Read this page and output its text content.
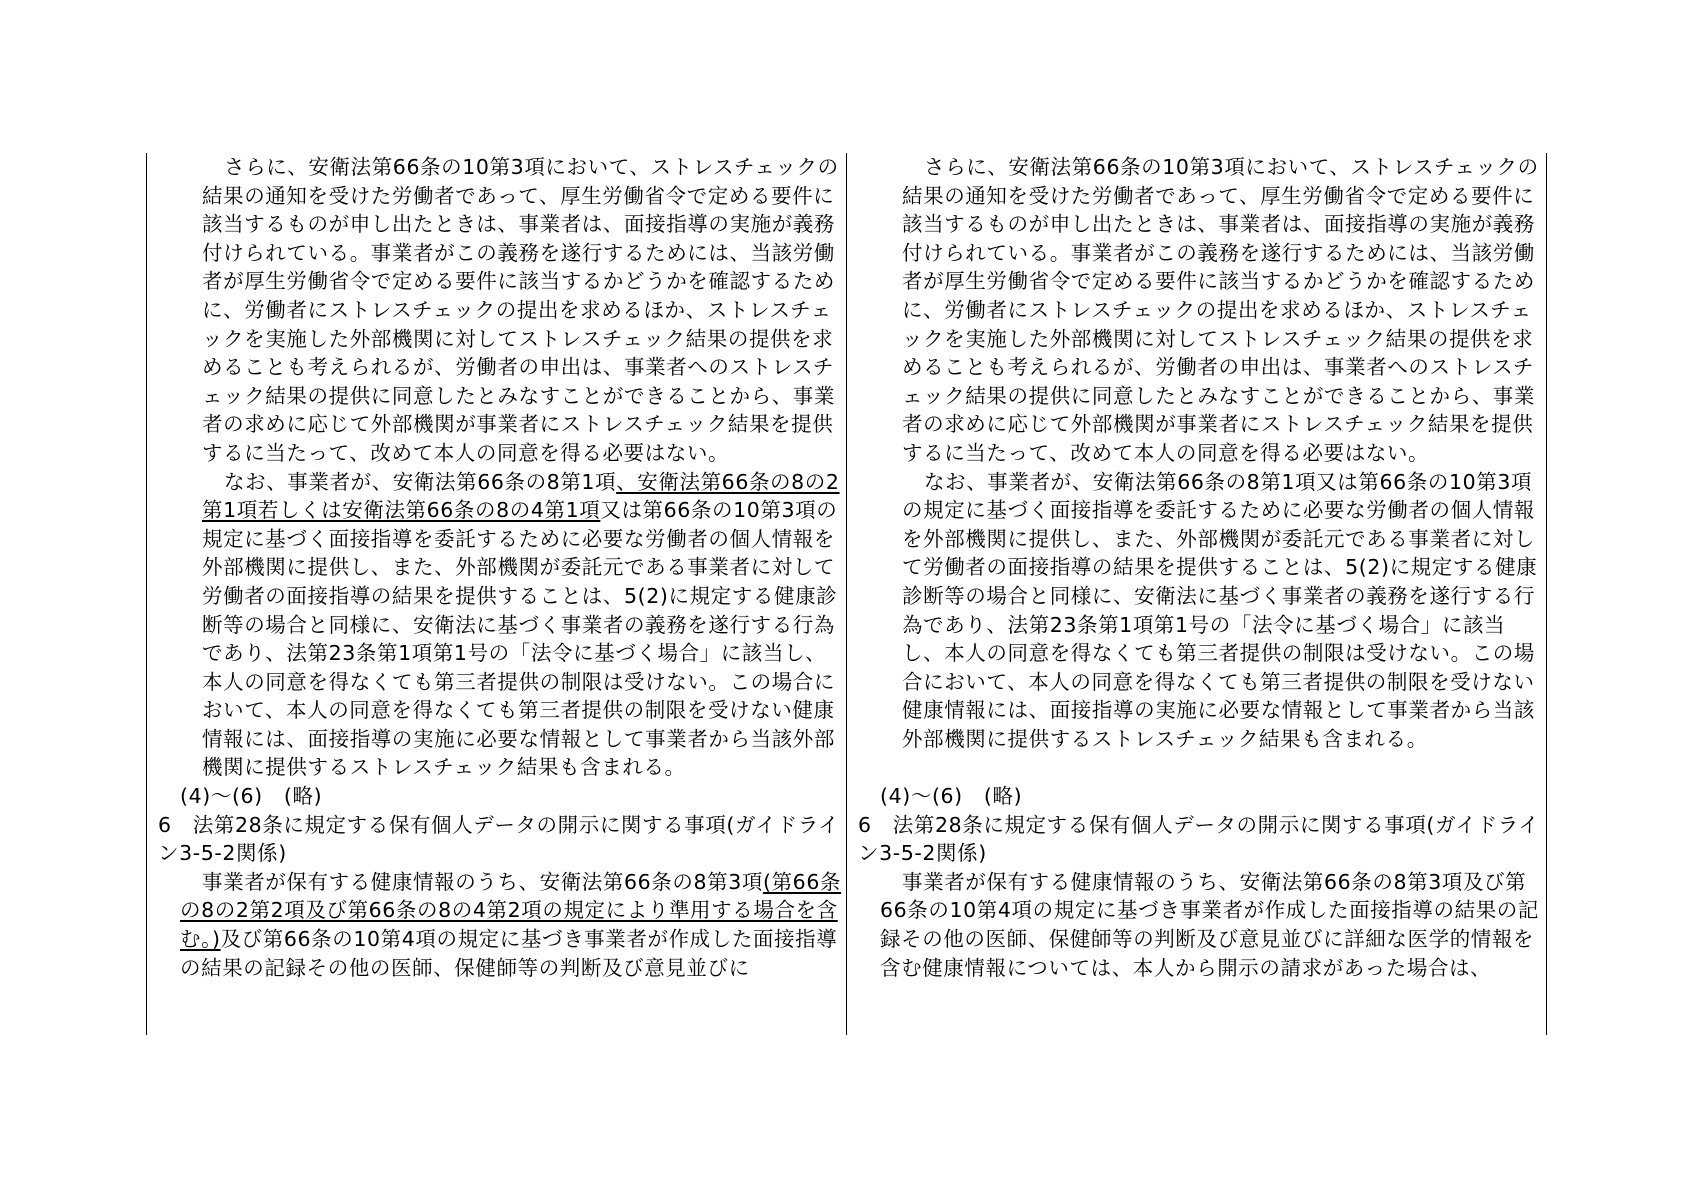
さらに、安衛法第66条の10第3項において、ストレスチェックの結果の通知を受けた労働者であって、厚生労働省令で定める要件に該当するものが申し出たときは、事業者は、面接指導の実施が義務付けられている。事業者がこの義務を遂行するためには、当該労働者が厚生労働省令で定める要件に該当するかどうかを確認するために、労働者にストレスチェックの提出を求めるほか、ストレスチェックを実施した外部機関に対してストレスチェック結果の提供を求めることも考えられるが、労働者の申出は、事業者へのストレスチェック結果の提供に同意したとみなすことができることから、事業者の求めに応じて外部機関が事業者にストレスチェック結果を提供するに当たって、改めて本人の同意を得る必要はない。

なお、事業者が、安衛法第66条の8第1項、安衛法第66条の8の2第1項若しくは安衛法第66条の8の4第1項又は第66条の10第3項の規定に基づく面接指導を委託するために必要な労働者の個人情報を外部機関に提供し、また、外部機関が委託元である事業者に対して労働者の面接指導の結果を提供することは、5(2)に規定する健康診断等の場合と同様に、安衛法に基づく事業者の義務を遂行する行為であり、法第23条第1項第1号の「法令に基づく場合」に該当し、本人の同意を得なくても第三者提供の制限は受けない。この場合において、本人の同意を得なくても第三者提供の制限を受けない健康情報には、面接指導の実施に必要な情報として事業者から当該外部機関に提供するストレスチェック結果も含まれる。

(4)～(6)　(略)

6　法第28条に規定する保有個人データの開示に関する事項(ガイドライン3-5-2関係)

事業者が保有する健康情報のうち、安衛法第66条の8第3項(第66条の8の2第2項及び第66条の8の4第2項の規定により準用する場合を含む。)及び第66条の10第4項の規定に基づき事業者が作成した面接指導の結果の記録その他の医師、保健師等の判断及び意見並びに

さらに、安衛法第66条の10第3項において、ストレスチェックの結果の通知を受けた労働者であって、厚生労働省令で定める要件に該当するものが申し出たときは、事業者は、面接指導の実施が義務付けられている。事業者がこの義務を遂行するためには、当該労働者が厚生労働省令で定める要件に該当するかどうかを確認するために、労働者にストレスチェックの提出を求めるほか、ストレスチェックを実施した外部機関に対してストレスチェック結果の提供を求めることも考えられるが、労働者の申出は、事業者へのストレスチェック結果の提供に同意したとみなすことができることから、事業者の求めに応じて外部機関が事業者にストレスチェック結果を提供するに当たって、改めて本人の同意を得る必要はない。

なお、事業者が、安衛法第66条の8第1項又は第66条の10第3項の規定に基づく面接指導を委託するために必要な労働者の個人情報を外部機関に提供し、また、外部機関が委託元である事業者に対して労働者の面接指導の結果を提供することは、5(2)に規定する健康診断等の場合と同様に、安衛法に基づく事業者の義務を遂行する行為であり、法第23条第1項第1号の「法令に基づく場合」に該当し、本人の同意を得なくても第三者提供の制限は受けない。この場合において、本人の同意を得なくても第三者提供の制限を受けない健康情報には、面接指導の実施に必要な情報として事業者から当該外部機関に提供するストレスチェック結果も含まれる。

(4)～(6)　(略)

6　法第28条に規定する保有個人データの開示に関する事項(ガイドライン3-5-2関係)

事業者が保有する健康情報のうち、安衛法第66条の8第3項及び第66条の10第4項の規定に基づき事業者が作成した面接指導の結果の記録その他の医師、保健師等の判断及び意見並びに詳細な医学的情報を含む健康情報については、本人から開示の請求があった場合は、
